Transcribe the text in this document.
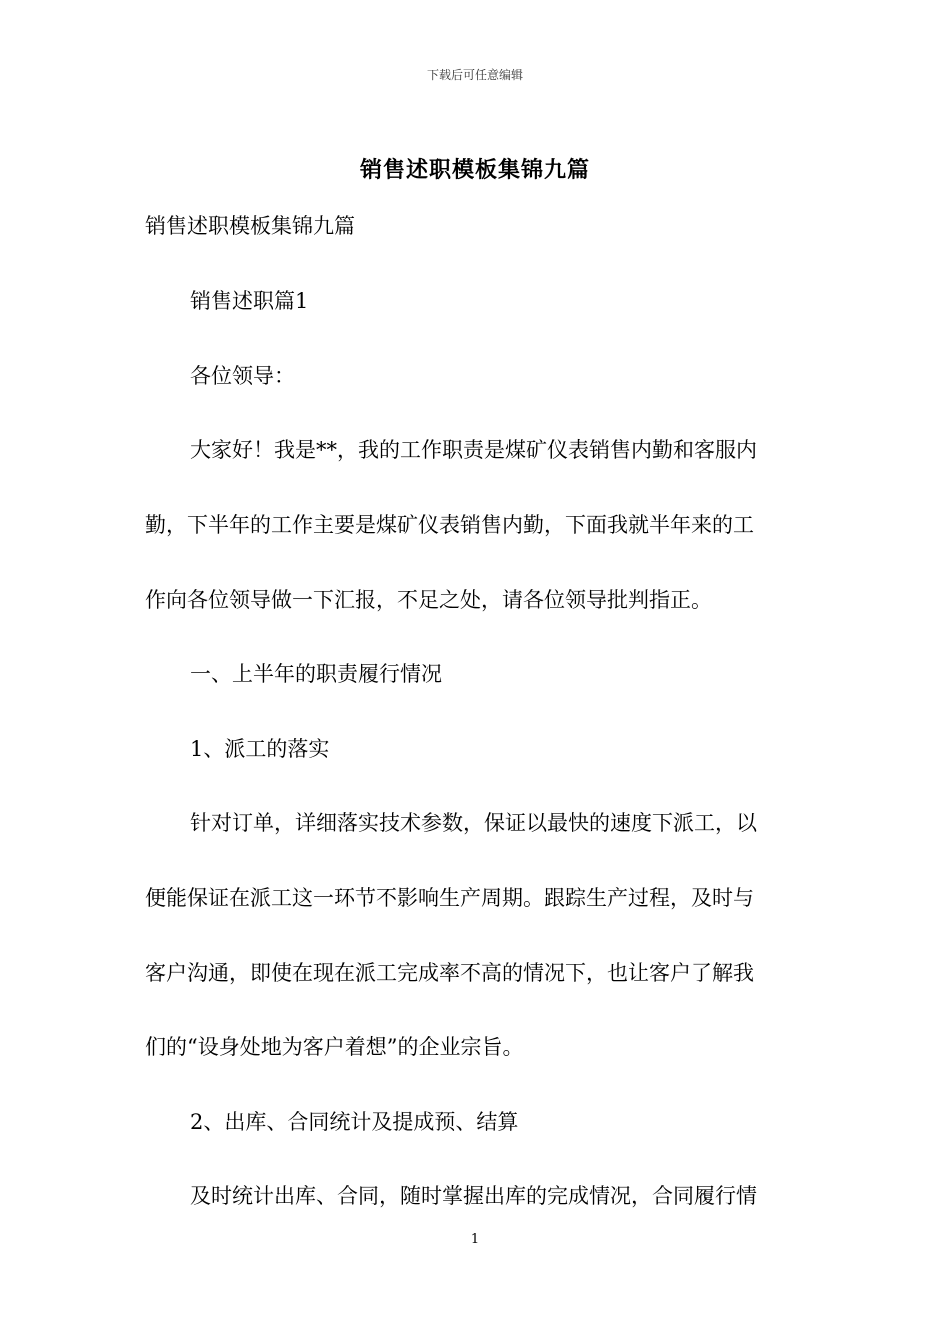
下载后可任意编辑
销售述职模板集锦九篇
销售述职模板集锦九篇
销售述职篇1
各位领导：
大家好！我是**，我的工作职责是煤矿仪表销售内勤和客服内
勤，下半年的工作主要是煤矿仪表销售内勤，下面我就半年来的工
作向各位领导做一下汇报，不足之处，请各位领导批判指正。
一、上半年的职责履行情况
1、派工的落实
针对订单，详细落实技术参数，保证以最快的速度下派工，以
便能保证在派工这一环节不影响生产周期。跟踪生产过程，及时与
客户沟通，即使在现在派工完成率不高的情况下，也让客户了解我
们的“设身处地为客户着想”的企业宗旨。
2、出库、合同统计及提成预、结算
及时统计出库、合同，随时掌握出库的完成情况，合同履行情
1
